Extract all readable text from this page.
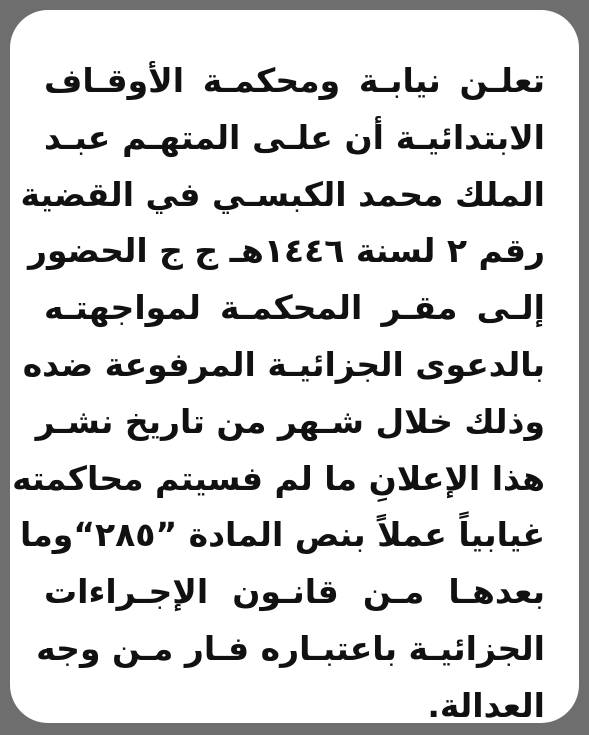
تعلـن نيابـة ومحكمـة الأوقـاف
الابتدائيـة أن علـى المتهـم عبـد
الملك محمد الكبسـي في القضية
رقم ٢ لسنة ١٤٤٦هـ ج ج الحضور
إلـى مقـر المحكمـة لمواجهتـه
بالدعوى الجزائيـة المرفوعة ضده
وذلك خلال شـهر من تاريخ نشـر
هذا الإعلانِ ما لم فسيتم محاكمته
غيابياً عملاً بنص المادة ”٢٨٥“وما
بعدهـا مـن قانـون الإجـراءات
الجزائيـة باعتبـاره فـار مـن وجه
العدالة.
